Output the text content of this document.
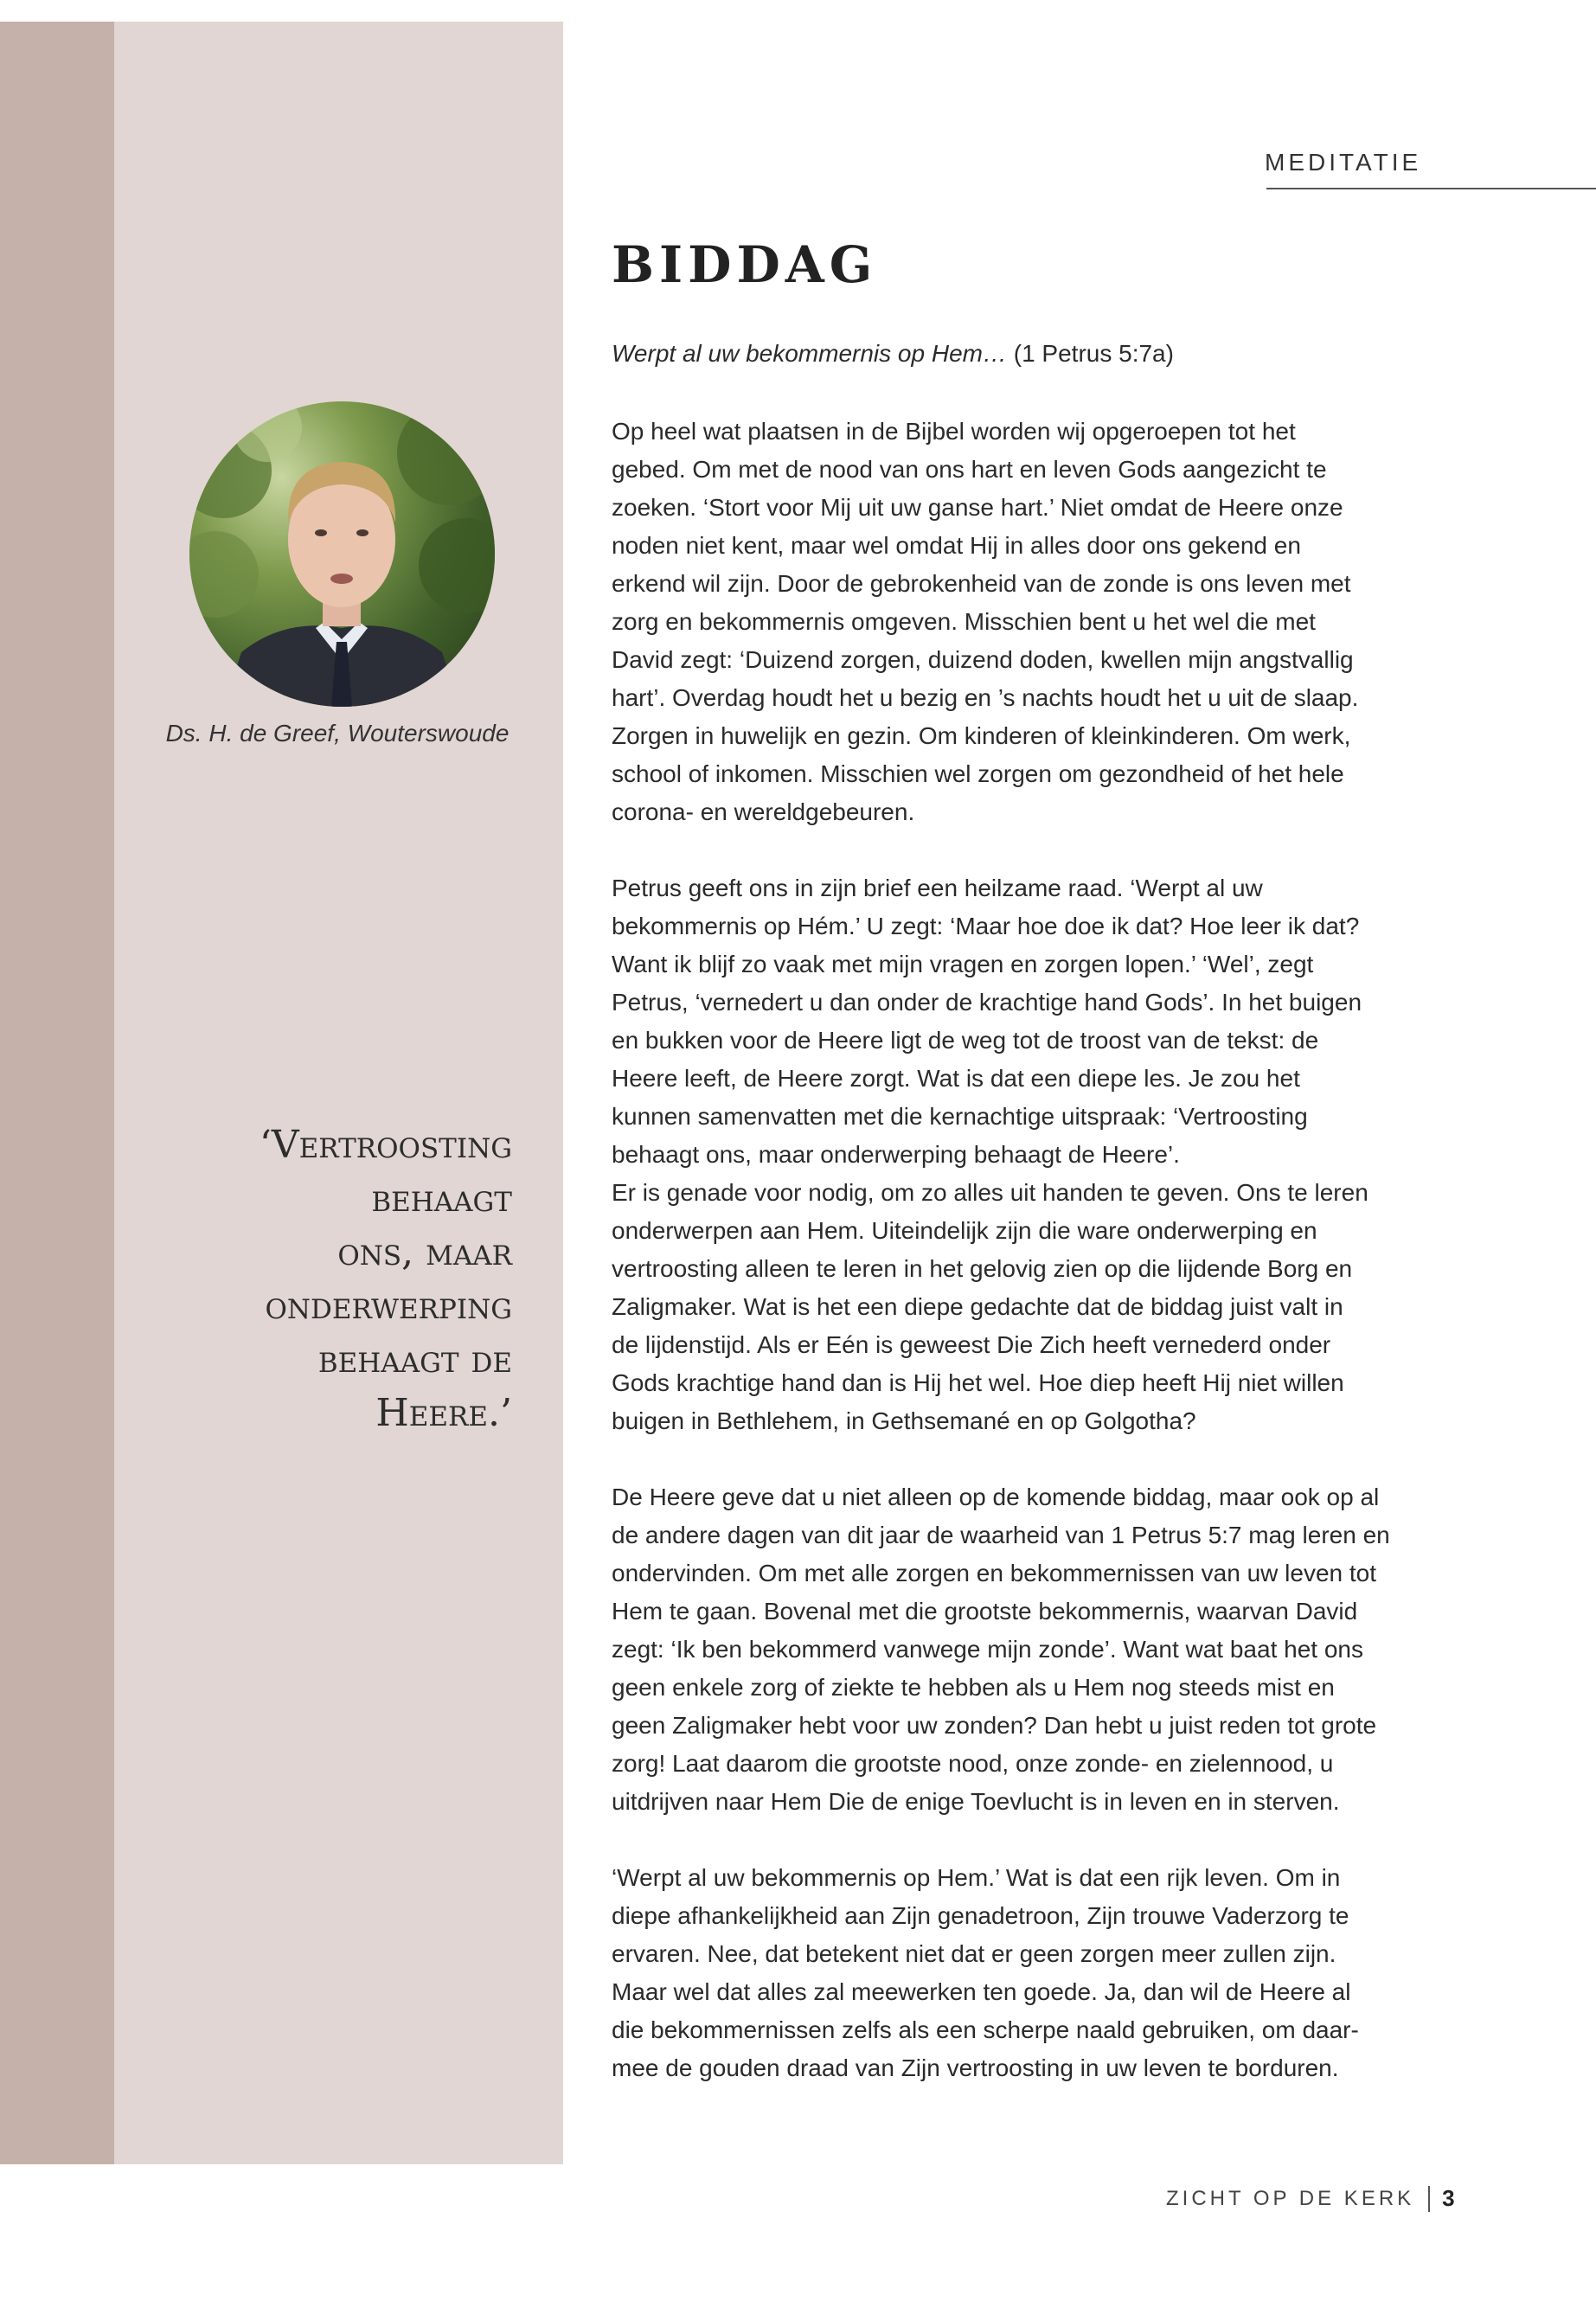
MEDITATIE
BIDDAG
Werpt al uw bekommernis op Hem… (1 Petrus 5:7a)
Ds. H. de Greef, Wouterswoude
‘Vertroosting
behaagt
ons, maar
onderwerping
behaagt de
Heere.’

Op heel wat plaatsen in de Bijbel worden wij opgeroepen tot het
gebed. Om met de nood van ons hart en leven Gods aangezicht te
zoeken. ‘Stort voor Mij uit uw ganse hart.’ Niet omdat de Heere onze
noden niet kent, maar wel omdat Hij in alles door ons gekend en
erkend wil zijn. Door de gebrokenheid van de zonde is ons leven met
zorg en bekommernis omgeven. Misschien bent u het wel die met
David zegt: ‘Duizend zorgen, duizend doden, kwellen mijn angstvallig
hart’. Overdag houdt het u bezig en ’s nachts houdt het u uit de slaap.
Zorgen in huwelijk en gezin. Om kinderen of kleinkinderen. Om werk,
school of inkomen. Misschien wel zorgen om gezondheid of het hele
corona- en wereldgebeuren.

Petrus geeft ons in zijn brief een heilzame raad. ‘Werpt al uw
bekommernis op Hém.’ U zegt: ‘Maar hoe doe ik dat? Hoe leer ik dat?
Want ik blijf zo vaak met mijn vragen en zorgen lopen.’ ‘Wel’, zegt
Petrus, ‘vernedert u dan onder de krachtige hand Gods’. In het buigen
en bukken voor de Heere ligt de weg tot de troost van de tekst: de
Heere leeft, de Heere zorgt. Wat is dat een diepe les. Je zou het
kunnen samenvatten met die kernachtige uitspraak: ‘Vertroosting
behaagt ons, maar onderwerping behaagt de Heere’.
Er is genade voor nodig, om zo alles uit handen te geven. Ons te leren
onderwerpen aan Hem. Uiteindelijk zijn die ware onderwerping en
vertroosting alleen te leren in het gelovig zien op die lijdende Borg en
Zaligmaker. Wat is het een diepe gedachte dat de biddag juist valt in
de lijdenstijd. Als er Eén is geweest Die Zich heeft vernederd onder
Gods krachtige hand dan is Hij het wel. Hoe diep heeft Hij niet willen
buigen in Bethlehem, in Gethsemané en op Golgotha?

De Heere geve dat u niet alleen op de komende biddag, maar ook op al
de andere dagen van dit jaar de waarheid van 1 Petrus 5:7 mag leren en
ondervinden. Om met alle zorgen en bekommernissen van uw leven tot
Hem te gaan. Bovenal met die grootste bekommernis, waarvan David
zegt: ‘Ik ben bekommerd vanwege mijn zonde’. Want wat baat het ons
geen enkele zorg of ziekte te hebben als u Hem nog steeds mist en
geen Zaligmaker hebt voor uw zonden? Dan hebt u juist reden tot grote
zorg! Laat daarom die grootste nood, onze zonde- en zielennood, u
uitdrijven naar Hem Die de enige Toevlucht is in leven en in sterven.

‘Werpt al uw bekommernis op Hem.’ Wat is dat een rijk leven. Om in
diepe afhankelijkheid aan Zijn genadetroon, Zijn trouwe Vaderzorg te
ervaren. Nee, dat betekent niet dat er geen zorgen meer zullen zijn.
Maar wel dat alles zal meewerken ten goede. Ja, dan wil de Heere al
die bekommernissen zelfs als een scherpe naald gebruiken, om daar-
mee de gouden draad van Zijn vertroosting in uw leven te borduren.

ZICHT OP DE KERK 3
